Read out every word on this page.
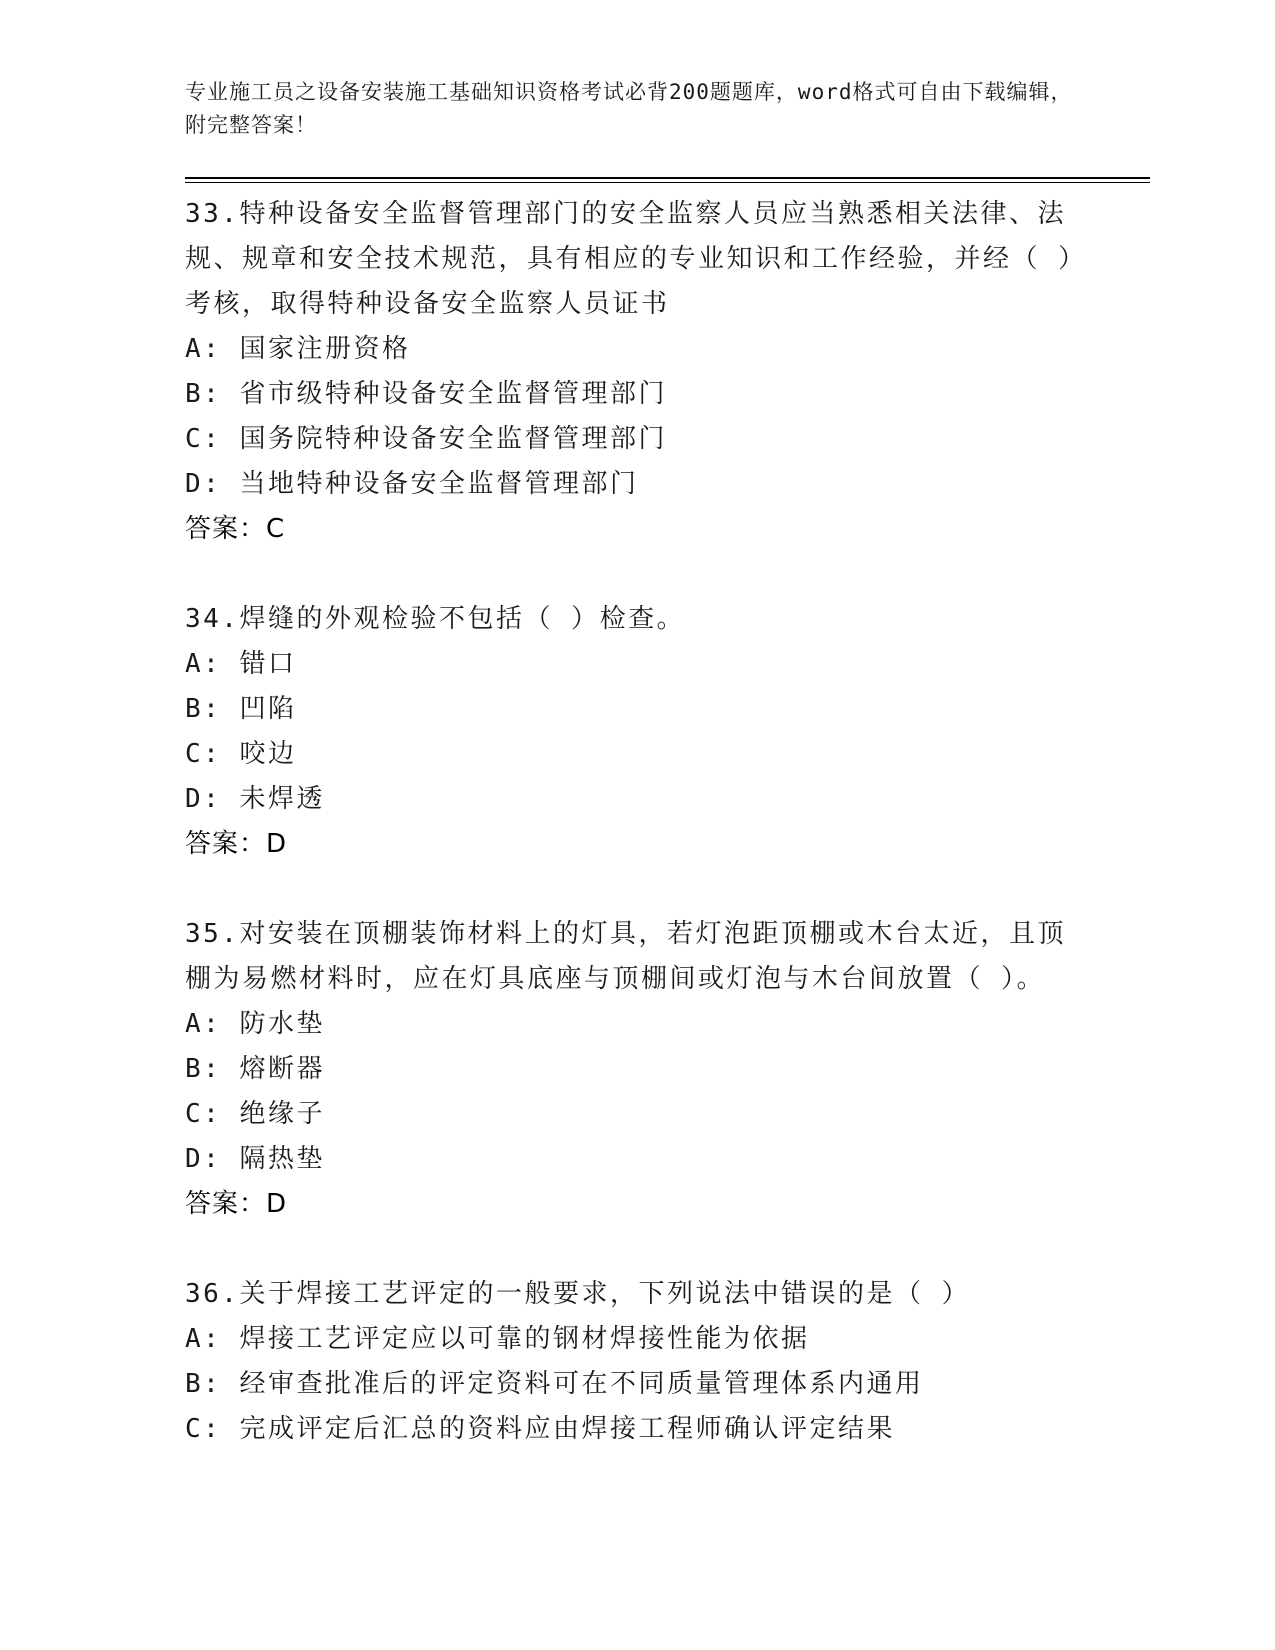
专业施工员之设备安装施工基础知识资格考试必背200题题库，word格式可自由下载编辑，附完整答案！

33.特种设备安全监督管理部门的安全监察人员应当熟悉相关法律、法规、规章和安全技术规范，具有相应的专业知识和工作经验，并经（ ）考核，取得特种设备安全监察人员证书

A: 国家注册资格

B: 省市级特种设备安全监督管理部门

C: 国务院特种设备安全监督管理部门

D: 当地特种设备安全监督管理部门

答案：C

34.焊缝的外观检验不包括（ ）检查。

A: 错口

B: 凹陷

C: 咬边

D: 未焊透

答案：D

35.对安装在顶棚装饰材料上的灯具，若灯泡距顶棚或木台太近，且顶棚为易燃材料时，应在灯具底座与顶棚间或灯泡与木台间放置（ ）。

A: 防水垫

B: 熔断器

C: 绝缘子

D: 隔热垫

答案：D

36.关于焊接工艺评定的一般要求，下列说法中错误的是（ ）

A: 焊接工艺评定应以可靠的钢材焊接性能为依据

B: 经审查批准后的评定资料可在不同质量管理体系内通用

C: 完成评定后汇总的资料应由焊接工程师确认评定结果
